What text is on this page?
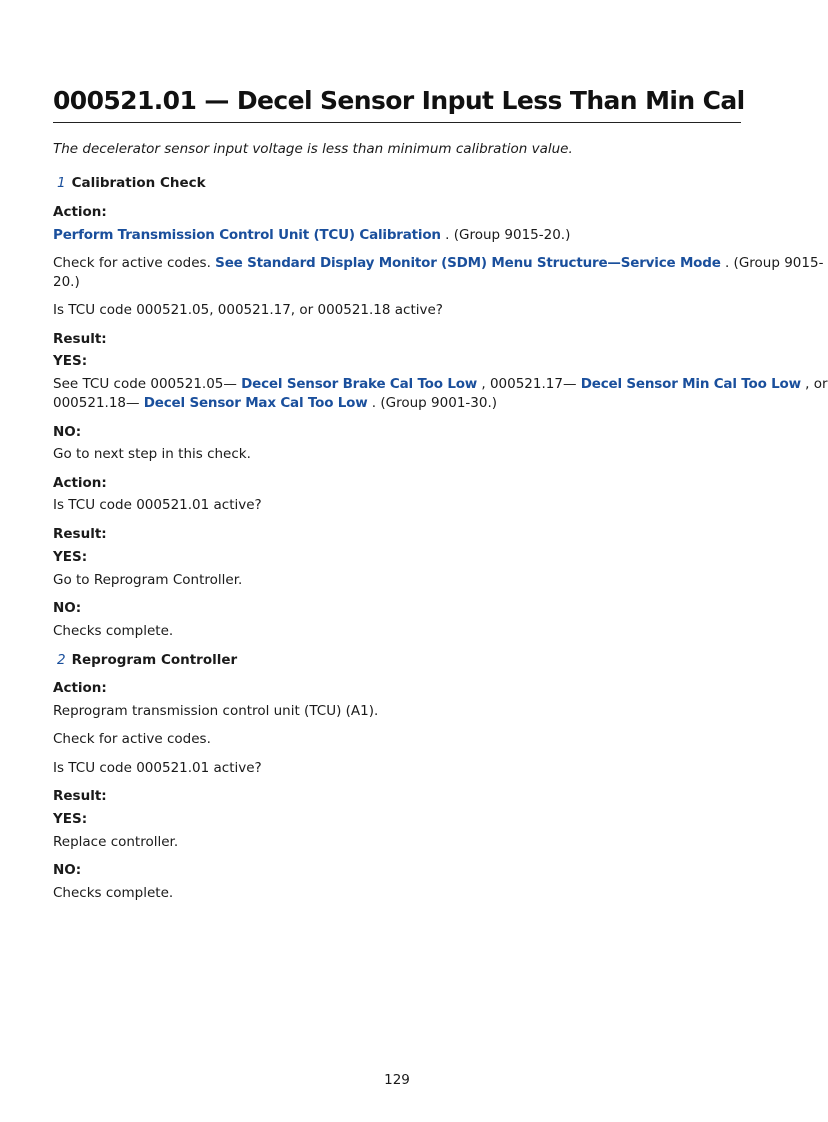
000521.01 — Decel Sensor Input Less Than Min Cal
The decelerator sensor input voltage is less than minimum calibration value.
1 Calibration Check
Action:
Perform Transmission Control Unit (TCU) Calibration . (Group 9015-20.)
Check for active codes. See Standard Display Monitor (SDM) Menu Structure—Service Mode . (Group 9015-
20.)
Is TCU code 000521.05, 000521.17, or 000521.18 active?
Result:
YES:
See TCU code 000521.05— Decel Sensor Brake Cal Too Low , 000521.17— Decel Sensor Min Cal Too Low , or
000521.18— Decel Sensor Max Cal Too Low . (Group 9001-30.)
NO:
Go to next step in this check.
Action:
Is TCU code 000521.01 active?
Result:
YES:
Go to Reprogram Controller.
NO:
Checks complete.
2 Reprogram Controller
Action:
Reprogram transmission control unit (TCU) (A1).
Check for active codes.
Is TCU code 000521.01 active?
Result:
YES:
Replace controller.
NO:
Checks complete.
129
